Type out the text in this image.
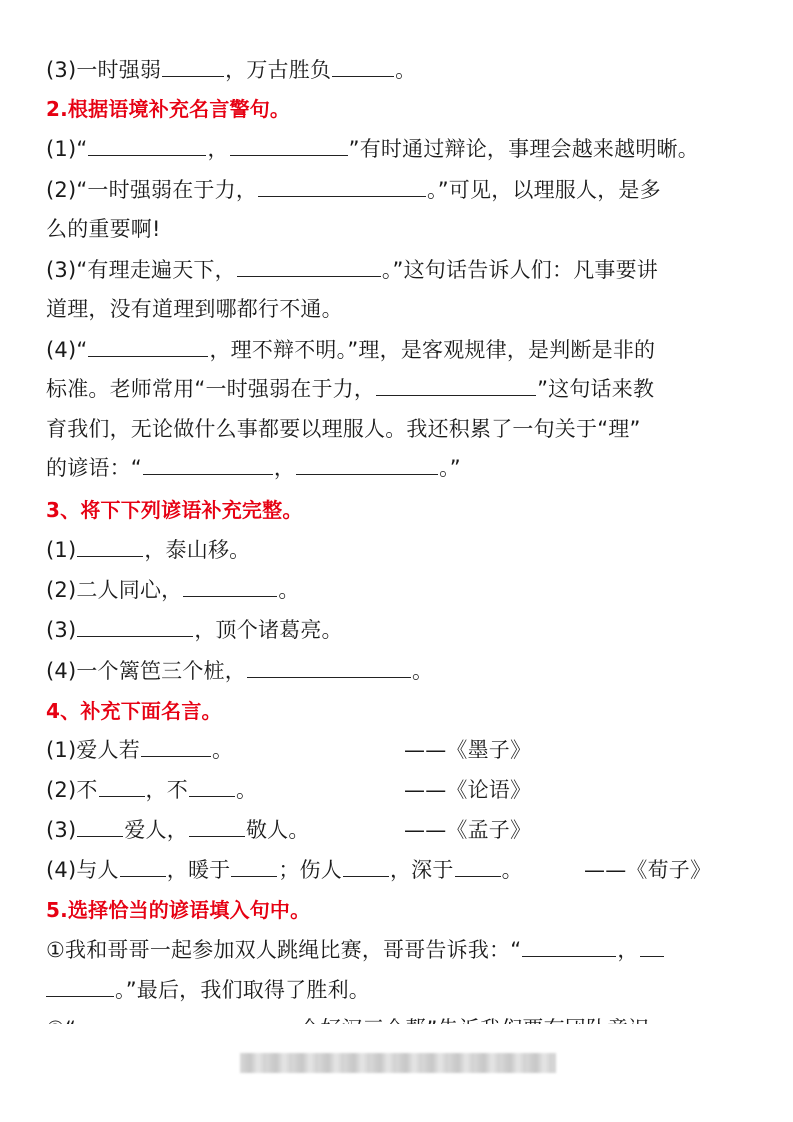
(3)一时强弱	，万古胜负	。
2.根据语境补充名言警句。
(1)“	，	”有时通过辩论，事理会越来越明晰。
(2)“一时强弱在于力，	。”可见，以理服人，是多
么的重要啊!
(3)“有理走遍天下，	。”这句话告诉人们：凡事要讲
道理，没有道理到哪都行不通。
(4)“	，理不辩不明。”理，是客观规律，是判断是非的
标准。老师常用“一时强弱在于力，	”这句话来教
育我们，无论做什么事都要以理服人。我还积累了一句关于“理”
的谚语：“	，	。”
3、将下下列谚语补充完整。
(1)	，泰山移。
(2)二人同心，	。
(3)	，顶个诸葛亮。
(4)一个篱笆三个桩，	。
4、补充下面名言。
(1)爱人若	。	——《墨子》
(2)不 ，不 。	——《论语》
(3) 爱人，	敬人。	——《孟子》
(4)与人 ，暖于 ；伤人 ，深于 。	——《荀子》
5.选择恰当的谚语填入句中。
①我和哥哥一起参加双人跳绳比赛，哥哥告诉我：“	，
。”最后，我们取得了胜利。
